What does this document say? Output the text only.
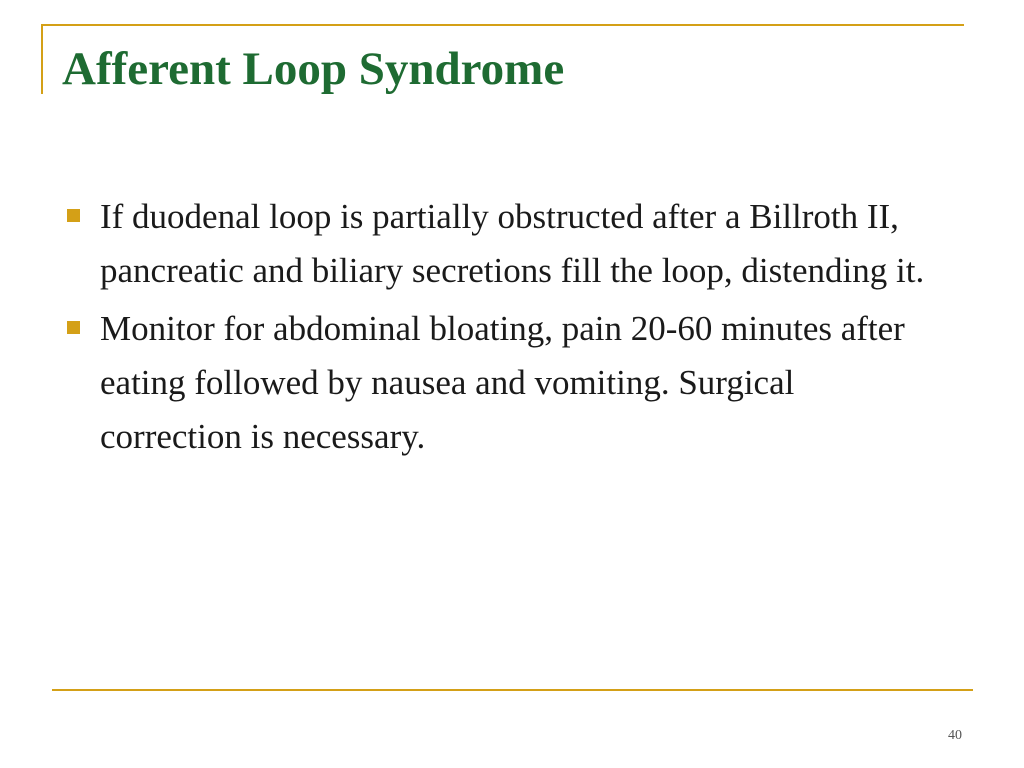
Afferent Loop Syndrome
If duodenal loop is partially obstructed after a Billroth II, pancreatic and biliary secretions fill the loop, distending it.
Monitor for abdominal bloating, pain 20-60 minutes after eating followed by nausea and vomiting. Surgical correction is necessary.
40
